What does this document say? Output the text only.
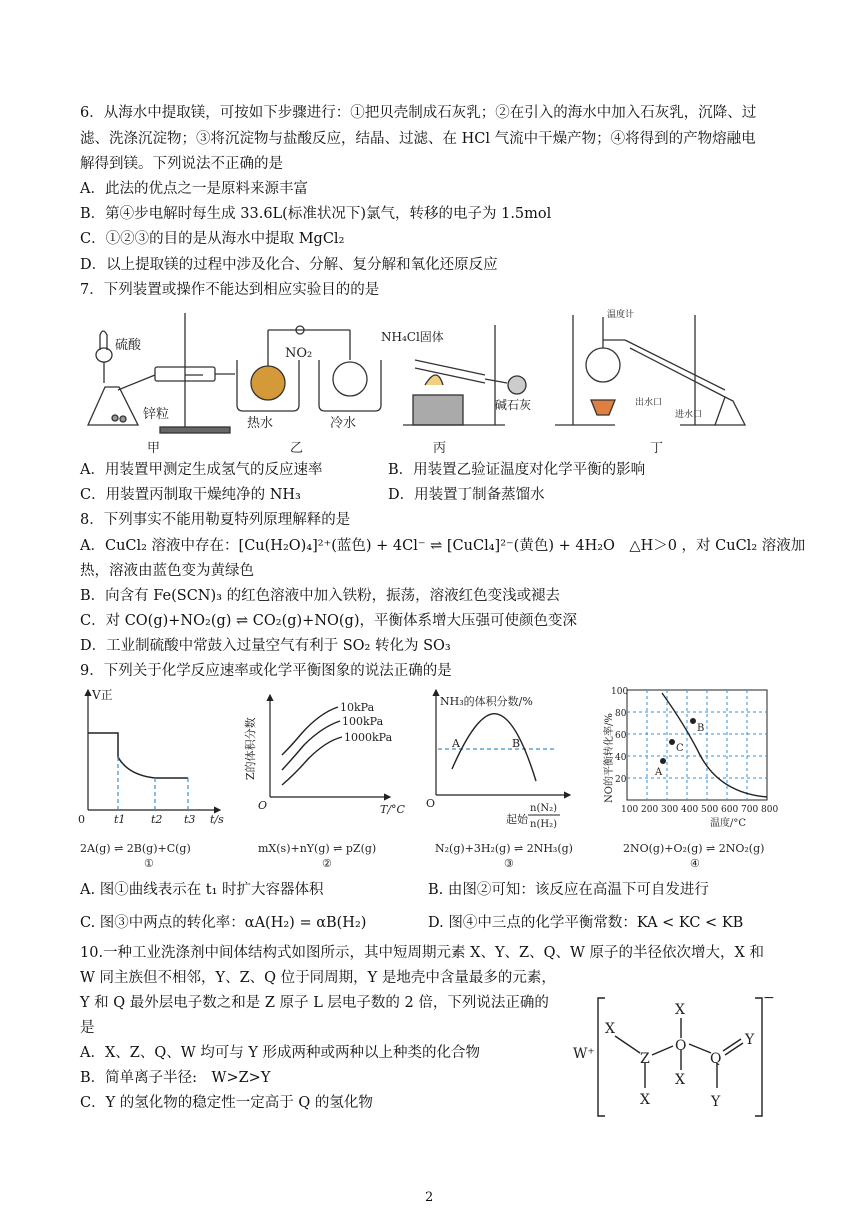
6．从海水中提取镁，可按如下步骤进行：①把贝壳制成石灰乳；②在引入的海水中加入石灰乳，沉降、过
滤、洗涤沉淀物；③将沉淀物与盐酸反应，结晶、过滤、在 HCl 气流中干燥产物；④将得到的产物熔融电
解得到镁。下列说法不正确的是
A．此法的优点之一是原料来源丰富
B．第④步电解时每生成 33.6L(标准状况下)氯气，转移的电子为 1.5mol
C．①②③的目的是从海水中提取 MgCl₂
D．以上提取镁的过程中涉及化合、分解、复分解和氧化还原反应
7．下列装置或操作不能达到相应实验目的的是
硫酸
锌粒
甲
NO₂
热水	冷水
乙
NH₄Cl固体
碱石灰
丙
温度计
出水口
进水口
丁
A．用装置甲测定生成氢气的反应速率	B．用装置乙验证温度对化学平衡的影响
C．用装置丙制取干燥纯净的 NH₃	D．用装置丁制备蒸馏水
8．下列事实不能用勒夏特列原理解释的是
A．CuCl₂ 溶液中存在：[Cu(H₂O)₄]²⁺(蓝色) + 4Cl⁻ ⇌ [CuCl₄]²⁻(黄色) + 4H₂O　△H＞0 ，对 CuCl₂ 溶液加
热，溶液由蓝色变为黄绿色
B．向含有 Fe(SCN)₃ 的红色溶液中加入铁粉，振荡，溶液红色变浅或褪去
C．对 CO(g)+NO₂(g) ⇌ CO₂(g)+NO(g)，平衡体系增大压强可使颜色变深
D．工业制硫酸中常鼓入过量空气有利于 SO₂ 转化为 SO₃
9．下列关于化学反应速率或化学平衡图象的说法正确的是
V正
0	t1 t2 t3 t/s
2A(g) ⇌ 2B(g)+C(g)
①
Z的体积分数
10kPa
100kPa
1000kPa
O	T/°C
mX(s)+nY(g) ⇌ pZ(g)
②
NH₃的体积分数/%
A	B
O
起始
n(N₂)
n(H₂)
N₂(g)+3H₂(g) ⇌ 2NH₃(g)
③
NO的平衡转化率/%
100
80
60
40
20
100 200 300 400 500 600 700 800
温度/°C
A
C
B
2NO(g)+O₂(g) ⇌ 2NO₂(g)
④
A. 图①曲线表示在 t₁ 时扩大容器体积	B. 由图②可知：该反应在高温下可自发进行
C. 图③中两点的转化率：αA(H₂) = αB(H₂)	D. 图④中三点的化学平衡常数：KA < KC < KB
10.一种工业洗涤剂中间体结构式如图所示，其中短周期元素 X、Y、Z、Q、W 原子的半径依次增大，X 和
W 同主族但不相邻，Y、Z、Q 位于同周期，Y 是地壳中含量最多的元素，
Y 和 Q 最外层电子数之和是 Z 原子 L 层电子数的 2 倍，下列说法正确的
是
A．X、Z、Q、W 均可与 Y 形成两种或两种以上种类的化合物
B．简单离子半径:　W>Z>Y
C．Y 的氢化物的稳定性一定高于 Q 的氢化物
W⁺
X
Z
X
X
O
X
Q
Y
Y
−
2
